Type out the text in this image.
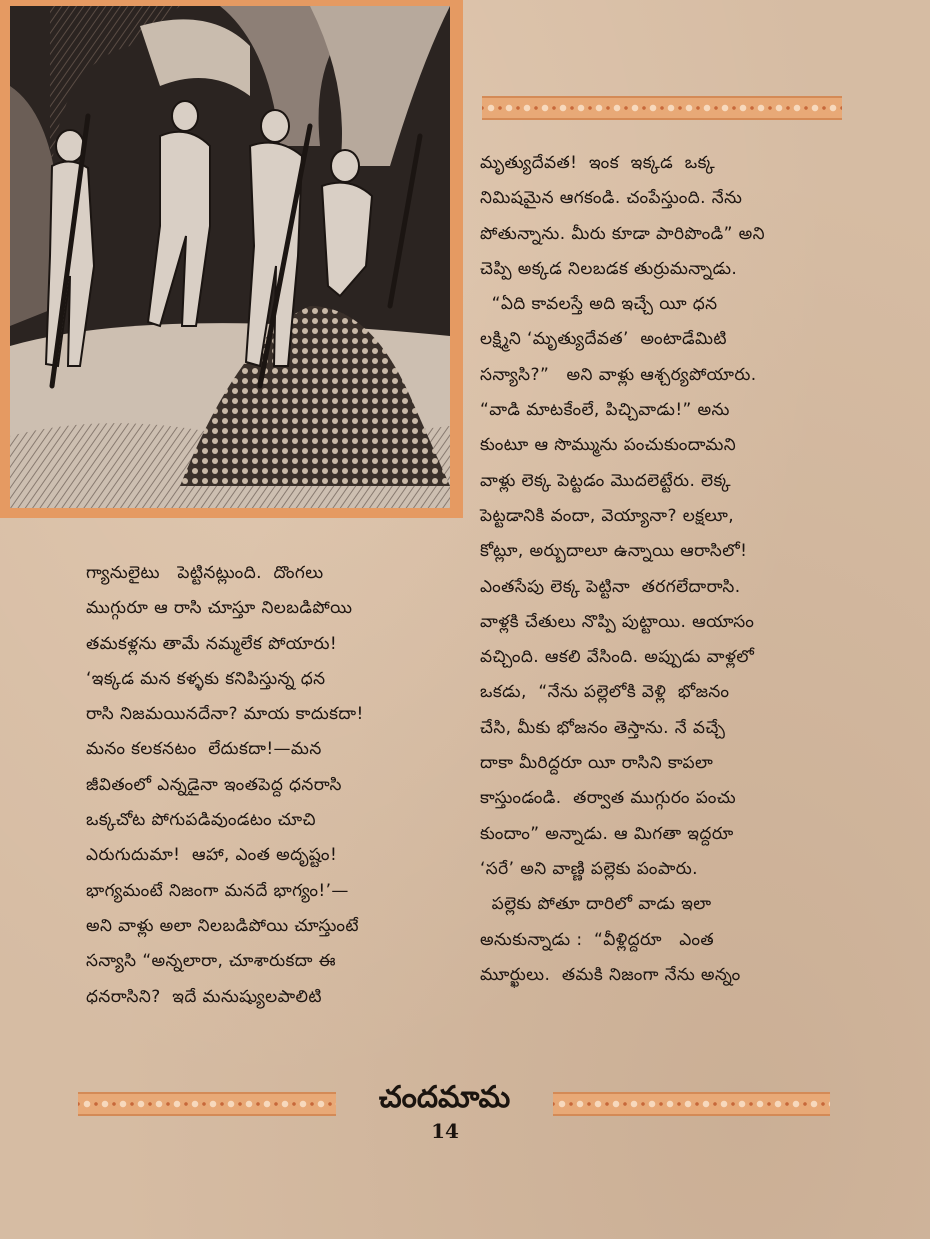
మృత్యుదేవత!  ఇంక  ఇక్కడ  ఒక్క

నిమిషమైన ఆగకండి. చంపేస్తుంది. నేను

పోతున్నాను. మీరు కూడా పారిపొండి” అని

చెప్పి అక్కడ నిలబడక తుర్రుమన్నాడు.

“ఏది కావలస్తే అది ఇచ్చే యీ ధన

లక్ష్మిని ‘మృత్యుదేవత’  అంటాడేమిటి

సన్యాసి?”   అని వాళ్లు ఆశ్చర్యపోయారు.

“వాడి మాటకేంలే, పిచ్చివాడు!” అను

కుంటూ ఆ సొమ్మును పంచుకుందామని

వాళ్లు లెక్క పెట్టడం మొదలెట్టేరు. లెక్క

పెట్టడానికి వందా, వెయ్యానా? లక్షలూ,

కోట్లూ, అర్బుదాలూ ఉన్నాయి ఆరాసిలో!

ఎంతసేపు లెక్క పెట్టినా  తరగలేదారాసి.

వాళ్లకి చేతులు నొప్పి పుట్టాయి. ఆయాసం

వచ్చింది. ఆకలి వేసింది. అప్పుడు వాళ్లలో

ఒకడు,  “నేను పల్లెలోకి వెళ్లి  భోజనం

చేసి, మీకు భోజనం తెస్తాను. నే వచ్చే

దాకా మీరిద్దరూ యీ రాసిని కాపలా

కాస్తుండండి.  తర్వాత ముగ్గురం పంచు

కుందాం” అన్నాడు. ఆ మిగతా ఇద్దరూ

‘సరే’ అని వాణ్ణి పల్లెకు పంపారు.

పల్లెకు పోతూ దారిలో వాడు ఇలా

అనుకున్నాడు :  “వీళ్లిద్దరూ   ఎంత

మూర్ఖులు.  తమకి నిజంగా నేను అన్నం

గ్యానులైటు   పెట్టినట్లుంది.  దొంగలు

ముగ్గురూ ఆ రాసి చూస్తూ నిలబడిపోయి

తమకళ్లను తామే నమ్మలేక పోయారు!

‘ఇక్కడ మన కళ్ళకు కనిపిస్తున్న ధన

రాసి నిజమయినదేనా? మాయ కాదుకదా!

మనం కలకనటం  లేదుకదా!—మన

జీవితంలో ఎన్నడైనా ఇంతపెద్ద ధనరాసి

ఒక్కచోట పోగుపడివుండటం చూచి

ఎరుగుదుమా!  ఆహా, ఎంత అదృష్టం!

భాగ్యమంటే నిజంగా మనదే భాగ్యం!’—

అని వాళ్లు అలా నిలబడిపోయి చూస్తుంటే

సన్యాసి “అన్నలారా, చూశారుకదా ఈ

ధనరాసిని?  ఇదే మనుష్యులపాలిటి

చందమామ
14
